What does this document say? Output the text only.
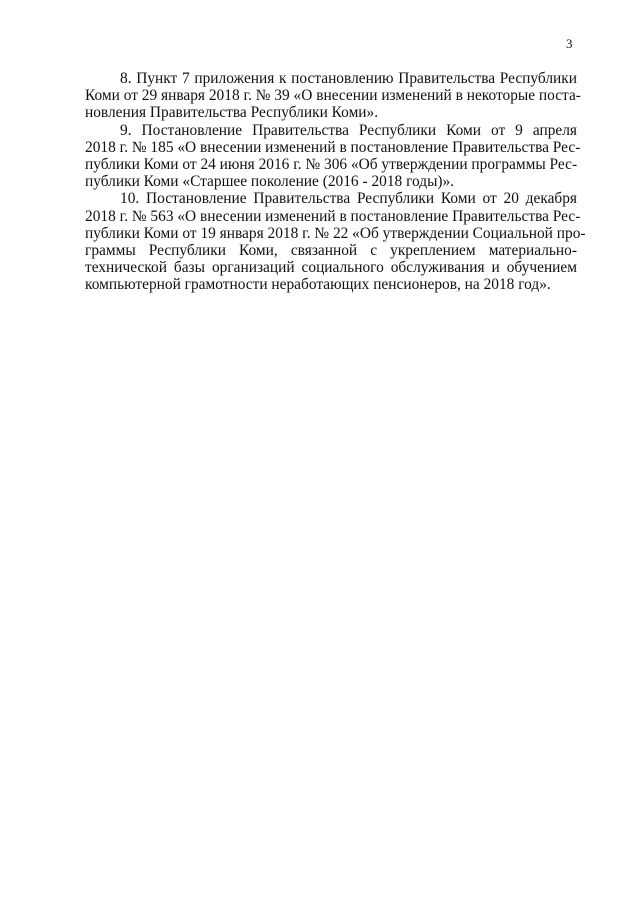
3
8. Пункт 7 приложения к постановлению Правительства Республики
Коми от 29 января 2018 г. № 39 «О внесении изменений в некоторые поста-
новления Правительства Республики Коми».
9. Постановление Правительства Республики Коми от 9 апреля
2018 г. № 185 «О внесении изменений в постановление Правительства Рес-
публики Коми от 24 июня 2016 г. № 306 «Об утверждении программы Рес-
публики Коми «Старшее поколение (2016 - 2018 годы)».
10. Постановление Правительства Республики Коми от 20 декабря
2018 г. № 563 «О внесении изменений в постановление Правительства Рес-
публики Коми от 19 января 2018 г. № 22 «Об утверждении Социальной про-
граммы Республики Коми, связанной с укреплением материально-
технической базы организаций социального обслуживания и обучением
компьютерной грамотности неработающих пенсионеров, на 2018 год».
